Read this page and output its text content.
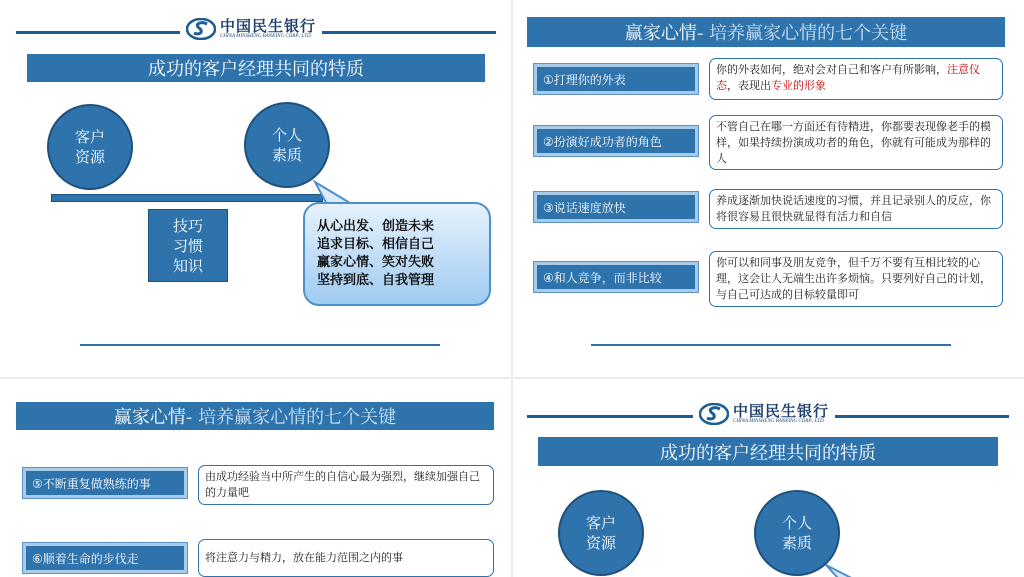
中国民生银行
CHINA MINSHENG BANKING CORP., LTD.
成功的客户经理共同的特质
客户
资源
个人
素质
技巧
习惯
知识
从心出发、创造未来
追求目标、相信自己
赢家心情、笑对失败
坚持到底、自我管理
赢家心情 - 培养赢家心情的七个关键
①打理你的外表
你的外表如何，绝对会对自己和客户有所影响，注意仪态，表现出专业的形象
②扮演好成功者的角色
不管自己在哪一方面还有待精进，你都要表现像老手的模样，如果持续扮演成功者的角色，你就有可能成为那样的人
③说话速度放快	养成逐渐加快说话速度的习惯，并且记录别人的反应，你将很容易且很快就显得有活力和自信
④和人竞争，而非比较
你可以和同事及朋友竞争，但千万不要有互相比较的心理，这会让人无端生出许多烦恼。只要列好自己的计划，与自己可达成的目标较量即可
赢家心情 - 培养赢家心情的七个关键
⑤不断重复做熟练的事	由成功经验当中所产生的自信心最为强烈，继续加强自己的力量吧
⑥顺着生命的步伐走	将注意力与精力，放在能力范围之内的事
中国民生银行
CHINA MINSHENG BANKING CORP., LTD.
成功的客户经理共同的特质
客户
资源
个人
素质
